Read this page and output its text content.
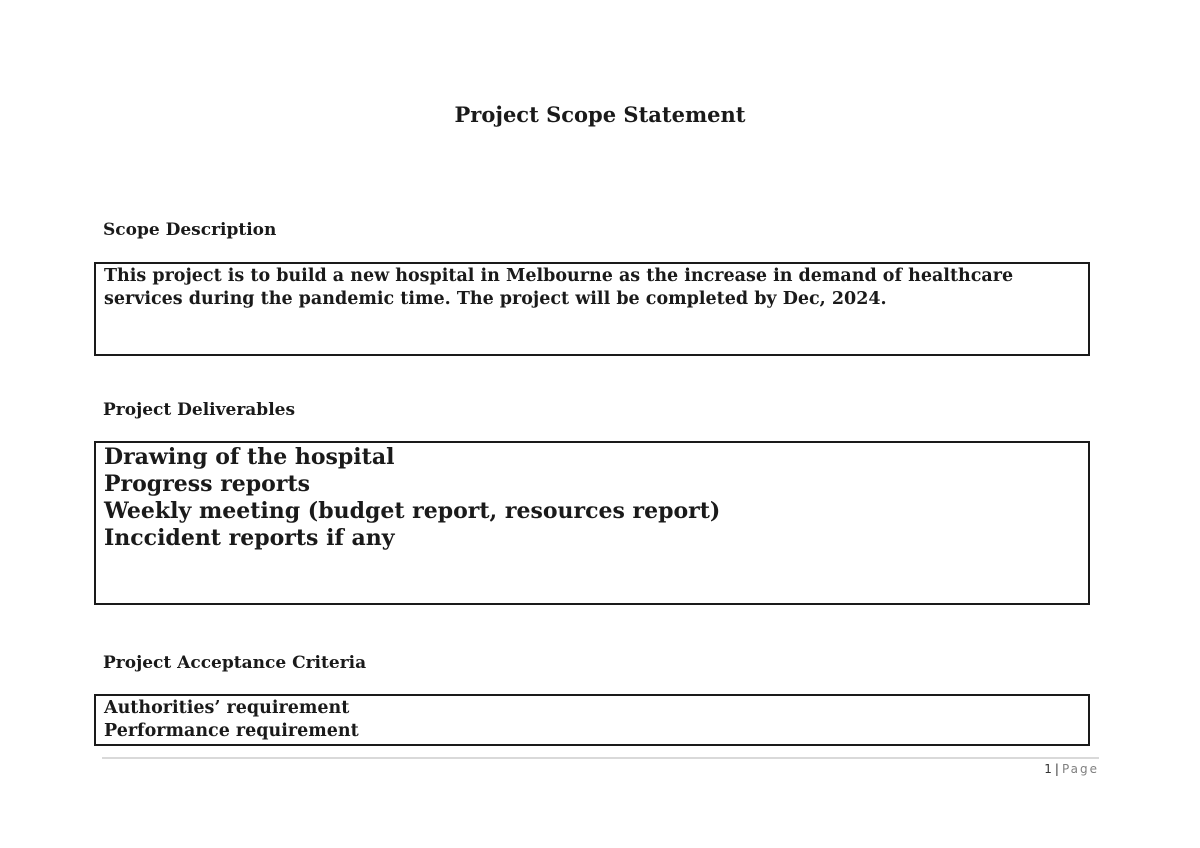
Project Scope Statement
Scope Description

This project is to build a new hospital in Melbourne as the increase in demand of healthcare services during the pandemic time. The project will be completed by Dec, 2024.

Project Deliverables

Drawing of the hospital

Progress reports

Weekly meeting (budget report, resources report)

Inccident reports if any

Project Acceptance Criteria

Authorities’ requirement

Performance requirement

1 | Page
